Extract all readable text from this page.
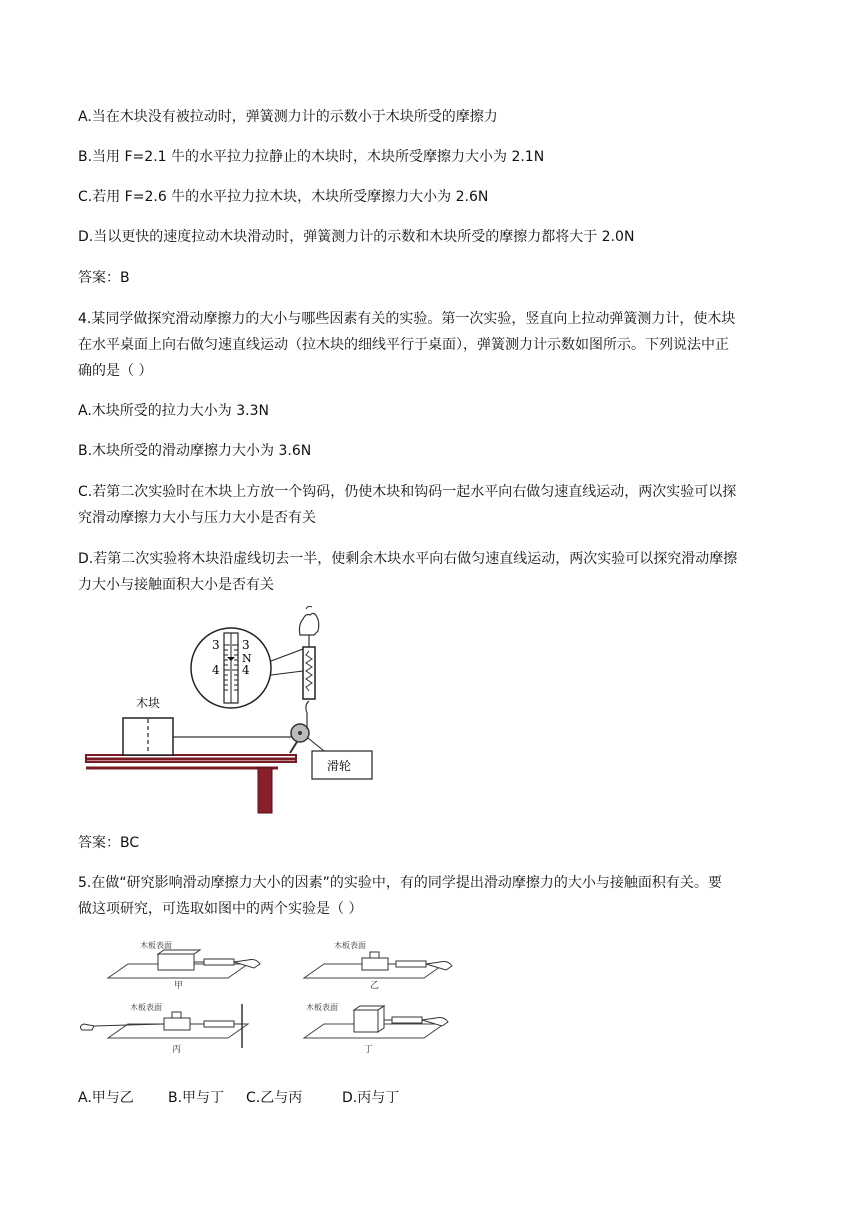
A.当在木块没有被拉动时，弹簧测力计的示数小于木块所受的摩擦力
B.当用 F=2.1 牛的水平拉力拉静止的木块时，木块所受摩擦力大小为 2.1N
C.若用 F=2.6 牛的水平拉力拉木块，木块所受摩擦力大小为 2.6N
D.当以更快的速度拉动木块滑动时，弹簧测力计的示数和木块所受的摩擦力都将大于 2.0N
答案：B
4.某同学做探究滑动摩擦力的大小与哪些因素有关的实验。第一次实验，竖直向上拉动弹簧测力计，使木块
在水平桌面上向右做匀速直线运动（拉木块的细线平行于桌面），弹簧测力计示数如图所示。下列说法中正
确的是（ ）
A.木块所受的拉力大小为 3.3N
B.木块所受的滑动摩擦力大小为 3.6N
C.若第二次实验时在木块上方放一个钩码，仍使木块和钩码一起水平向右做匀速直线运动，两次实验可以探
究滑动摩擦力大小与压力大小是否有关
D.若第二次实验将木块沿虚线切去一半，使剩余木块水平向右做匀速直线运动，两次实验可以探究滑动摩擦
力大小与接触面积大小是否有关
木块
3
4
3
4
N
滑轮
答案：BC
5.在做“研究影响滑动摩擦力大小的因素”的实验中，有的同学提出滑动摩擦力的大小与接触面积有关。要
做这项研究，可选取如图中的两个实验是（ ）
木板表面
甲
木板表面
乙
木板表面
丙
木板表面
丁
A.甲与乙 B.甲与丁 C.乙与丙	D.丙与丁
